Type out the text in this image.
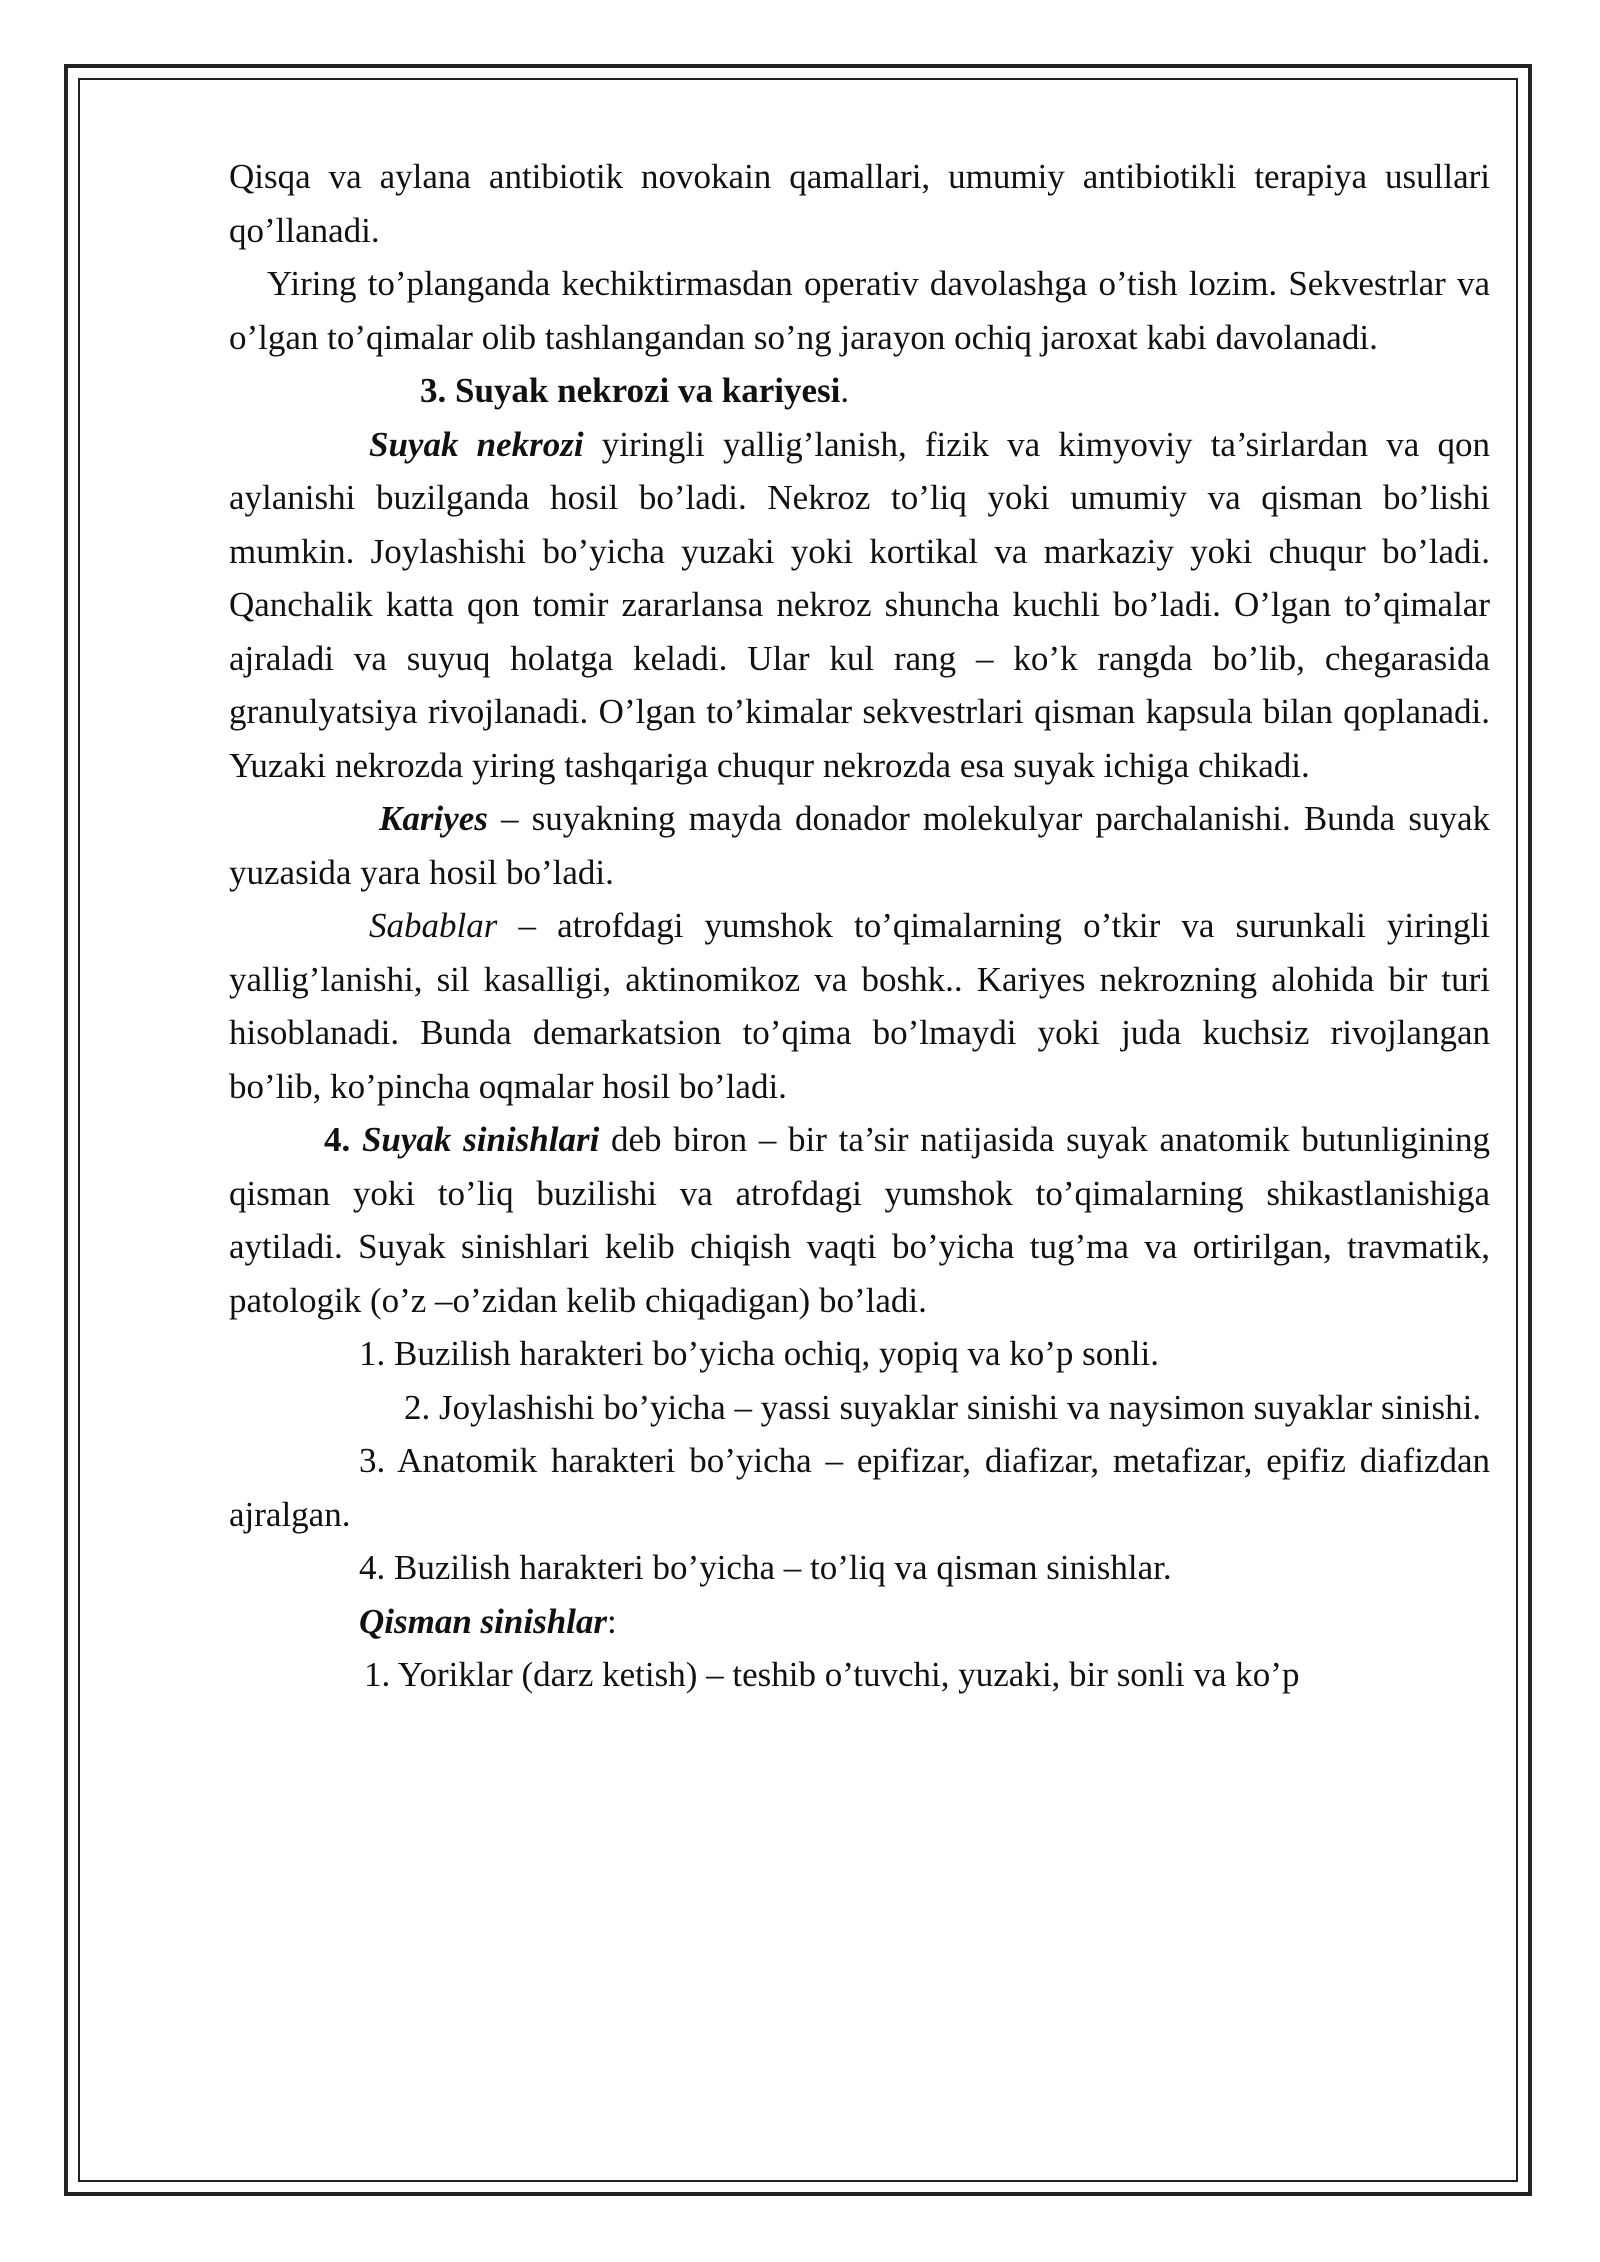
Qisqa va aylana antibiotik novokain qamallari, umumiy antibiotikli terapiya usullari qo’llanadi.

Yiring to’planganda kechiktirmasdan operativ davolashga o’tish lozim. Sekvestrlar va o’lgan to’qimalar olib tashlangandan so’ng jarayon ochiq jaroxat kabi davolanadi.

3. Suyak nekrozi va kariyesi.

Suyak nekrozi yiringli yallig’lanish, fizik va kimyoviy ta’sirlardan va qon aylanishi buzilganda hosil bo’ladi. Nekroz to’liq yoki umumiy va qisman bo’lishi mumkin. Joylashishi bo’yicha yuzaki yoki kortikal va markaziy yoki chuqur bo’ladi. Qanchalik katta qon tomir zararlansa nekroz shuncha kuchli bo’ladi. O’lgan to’qimalar ajraladi va suyuq holatga keladi. Ular kul rang – ko’k rangda bo’lib, chegarasida granulyatsiya rivojlanadi. O’lgan to’kimalar sekvestrlari qisman kapsula bilan qoplanadi. Yuzaki nekrozda yiring tashqariga chuqur nekrozda esa suyak ichiga chikadi.

Kariyes – suyakning mayda donador molekulyar parchalanishi. Bunda suyak yuzasida yara hosil bo’ladi.

Sabablar – atrofdagi yumshok to’qimalarning o’tkir va surunkali yiringli yallig’lanishi, sil kasalligi, aktinomikoz va boshk.. Kariyes nekrozning alohida bir turi hisoblanadi. Bunda demarkatsion to’qima bo’lmaydi yoki juda kuchsiz rivojlangan bo’lib, ko’pincha oqmalar hosil bo’ladi.

4. Suyak sinishlari deb biron – bir ta’sir natijasida suyak anatomik butunligining qisman yoki to’liq buzilishi va atrofdagi yumshok to’qimalarning shikastlanishiga aytiladi. Suyak sinishlari kelib chiqish vaqti bo’yicha tug’ma va ortirilgan, travmatik, patologik (o’z –o’zidan kelib chiqadigan) bo’ladi.

1. Buzilish harakteri bo’yicha ochiq, yopiq va ko’p sonli.

2. Joylashishi bo’yicha – yassi suyaklar sinishi va naysimon suyaklar sinishi.

3. Anatomik harakteri bo’yicha – epifizar, diafizar, metafizar, epifiz diafizdan ajralgan.

4. Buzilish harakteri bo’yicha – to’liq va qisman sinishlar.

Qisman sinishlar:

1. Yoriklar (darz ketish) – teshib o’tuvchi, yuzaki, bir sonli va ko’p
